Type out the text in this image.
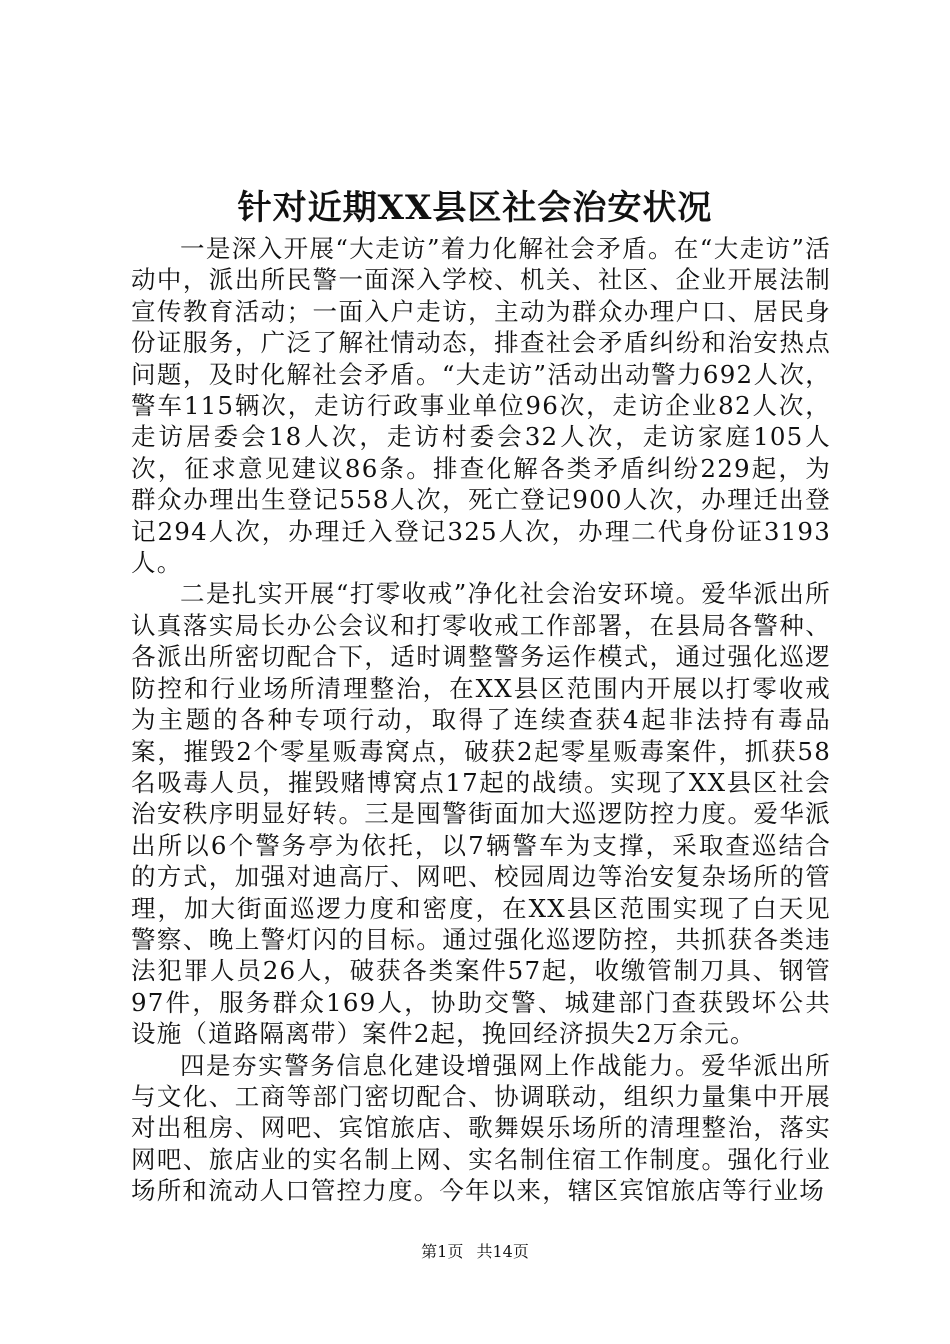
针对近期XX县区社会治安状况

一是深入开展“大走访”着力化解社会矛盾。在“大走访”活动中，派出所民警一面深入学校、机关、社区、企业开展法制宣传教育活动；一面入户走访，主动为群众办理户口、居民身份证服务，广泛了解社情动态，排查社会矛盾纠纷和治安热点问题，及时化解社会矛盾。“大走访”活动出动警力692人次，警车115辆次，走访行政事业单位96次，走访企业82人次，走访居委会18人次，走访村委会32人次，走访家庭105人次，征求意见建议86条。排查化解各类矛盾纠纷229起，为群众办理出生登记558人次，死亡登记900人次，办理迁出登记294人次，办理迁入登记325人次，办理二代身份证3193人。

二是扎实开展“打零收戒”净化社会治安环境。爱华派出所认真落实局长办公会议和打零收戒工作部署，在县局各警种、各派出所密切配合下，适时调整警务运作模式，通过强化巡逻防控和行业场所清理整治，在XX县区范围内开展以打零收戒为主题的各种专项行动，取得了连续查获4起非法持有毒品案，摧毁2个零星贩毒窝点，破获2起零星贩毒案件，抓获58名吸毒人员，摧毁赌博窝点17起的战绩。实现了XX县区社会治安秩序明显好转。三是囤警街面加大巡逻防控力度。爱华派出所以6个警务亭为依托，以7辆警车为支撑，采取查巡结合的方式，加强对迪高厅、网吧、校园周边等治安复杂场所的管理，加大街面巡逻力度和密度，在XX县区范围实现了白天见警察、晚上警灯闪的目标。通过强化巡逻防控，共抓获各类违法犯罪人员26人，破获各类案件57起，收缴管制刀具、钢管97件，服务群众169人，协助交警、城建部门查获毁坏公共设施（道路隔离带）案件2起，挽回经济损失2万余元。

四是夯实警务信息化建设增强网上作战能力。爱华派出所与文化、工商等部门密切配合、协调联动，组织力量集中开展对出租房、网吧、宾馆旅店、歌舞娱乐场所的清理整治，落实网吧、旅店业的实名制上网、实名制住宿工作制度。强化行业场所和流动人口管控力度。今年以来，辖区宾馆旅店等行业场

第1页 共14页
